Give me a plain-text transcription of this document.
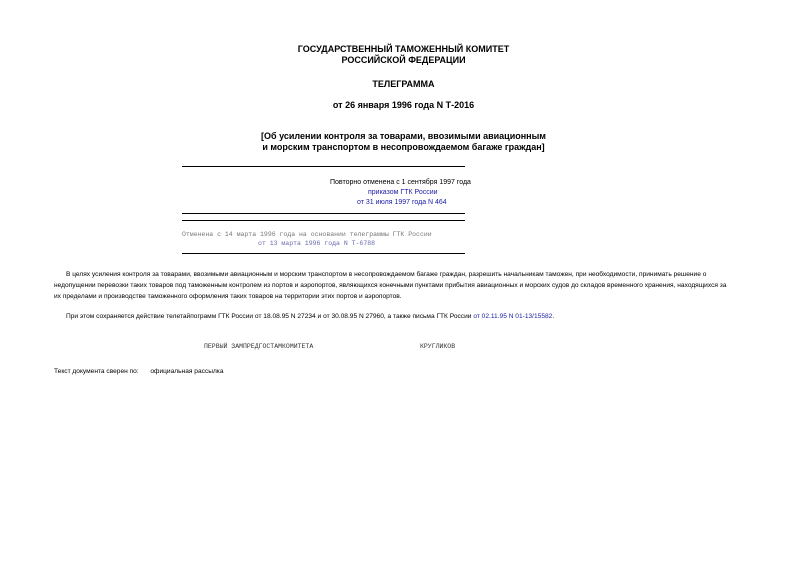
ГОСУДАРСТВЕННЫЙ ТАМОЖЕННЫЙ КОМИТЕТ
РОССИЙСКОЙ ФЕДЕРАЦИИ
ТЕЛЕГРАММА
от 26 января 1996 года N Т-2016
[Об усилении контроля за товарами, ввозимыми авиационным
и морским транспортом в несопровождаемом багаже граждан]
Повторно отменена с 1 сентября 1997 года
приказом ГТК России
от 31 июля 1997 года N 464
Отменена с 14 марта 1996 года на основании телеграммы ГТК России
от 13 марта 1996 года N Т-6788
В целях усиления контроля за товарами, ввозимыми авиационным и морским транспортом в несопровождаемом багаже граждан, разрешить начальникам таможен, при необходимости, принимать решение о
недопущении перевозки таких товаров под таможенным контролем из портов и аэропортов, являющихся конечными пунктами прибытия авиационных и морских судов до складов временного хранения, находящихся за
их пределами и производстве таможенного оформления таких товаров на территории этих портов и аэропортов.
При этом сохраняется действие телетайпограмм ГТК России от 18.08.95 N 27234 и от 30.08.95 N 27960, а также письма ГТК России от 02.11.95 N 01-13/15582.
ПЕРВЫЙ ЗАМПРЕДГОСТАМКОМИТЕТА	КРУГЛИКОВ
Текст документа сверен по: официальная рассылка
